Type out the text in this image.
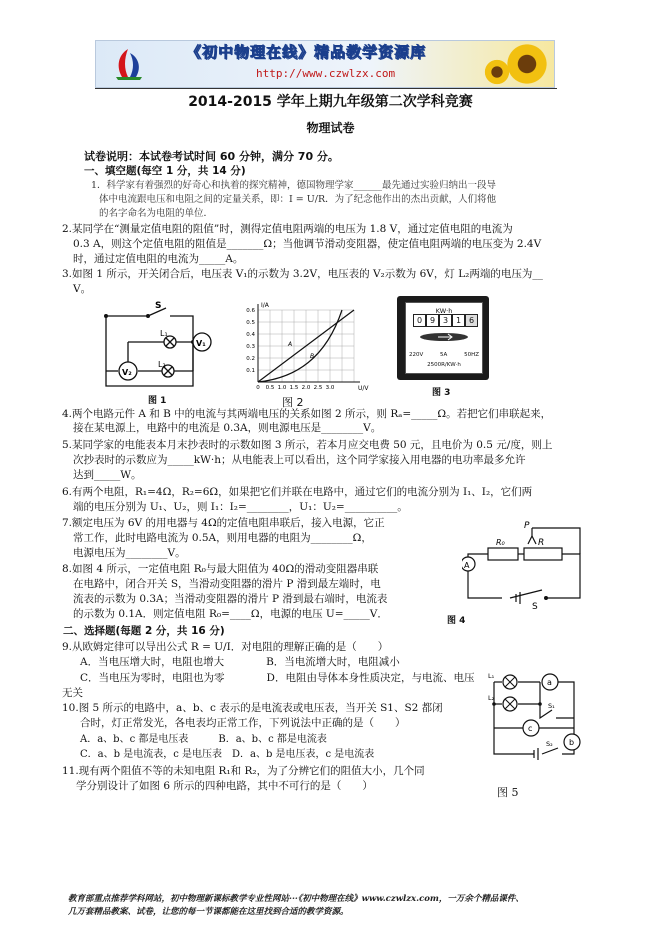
《初中物理在线》精品教学资源库
http://www.czwlzx.com
2014-2015 学年上期九年级第二次学科竞赛
物理试卷
试卷说明：本试卷考试时间 60 分钟，满分 70 分。
一、填空题(每空 1 分，共 14 分)
1．科学家有着强烈的好奇心和执着的探究精神，德国物理学家______最先通过实验归纳出一段导
体中电流跟电压和电阻之间的定量关系，即：I = U/R．为了纪念他作出的杰出贡献，人们将他
的名字命名为电阻的单位．
2.某同学在“测量定值电阻的阻值”时，测得定值电阻两端的电压为 1.8 V，通过定值电阻的电流为
0.3 A，则这个定值电阻的阻值是_______Ω；当他调节滑动变阻器，使定值电阻两端的电压变为 2.4V
时，通过定值电阻的电流为_____A。
3.如图 1 所示，开关闭合后，电压表 V₁的示数为 3.2V，电压表的 V₂示数为 6V，灯 L₂两端的电压为__
V。
S
L₁
L₂
V₁
V₂
图 1
I/A
U/V
0.6
0.5
0.4
0.3
0.2
0.1
0 0.5 1.0 1.5 2.0 2.5 3.0
A
B
图 2
KW·h
0 9 3 1 6
220V	5A	50HZ
2500R/KW·h
图 3
4.两个电路元件 A 和 B 中的电流与其两端电压的关系如图 2 所示，则 Rₐ=_____Ω。若把它们串联起来，
接在某电源上，电路中的电流是 0.3A，则电源电压是________V。
5.某同学家的电能表本月末抄表时的示数如图 3 所示，若本月应交电费 50 元，且电价为 0.5 元/度，则上
次抄表时的示数应为_____kW·h；从电能表上可以看出，这个同学家接入用电器的电功率最多允许
达到_____W。
6.有两个电阻，R₁=4Ω，R₂=6Ω，如果把它们并联在电路中，通过它们的电流分别为 I₁、I₂，它们两
端的电压分别为 U₁、U₂，则 I₁：I₂=________，U₁：U₂=__________。
7.额定电压为 6V 的用电器与 4Ω的定值电阻串联后，接入电源，它正
常工作，此时电路电流为 0.5A，则用电器的电阻为________Ω，
电源电压为________V。
8.如图 4 所示，一定值电阻 R₀与最大阻值为 40Ω的滑动变阻器串联
在电路中，闭合开关 S，当滑动变阻器的滑片 P 滑到最左端时，电
流表的示数为 0.3A；当滑动变阻器的滑片 P 滑到最右端时，电流表
的示数为 0.1A．则定值电阻 R₀=____Ω，电源的电压 U=_____V．
P
R₀	R
A
S
图 4
二、选择题(每题 2 分，共 16 分)
9.从欧姆定律可以导出公式 R = U/I．对电阻的理解正确的是（　　）
A．当电压增大时，电阻也增大　　　　B．当电流增大时，电阻减小
C．当电压为零时，电阻也为零　　　　D．电阻由导体本身性质决定，与电流、电压
无关
10.图 5 所示的电路中，a、b、c 表示的是电流表或电压表，当开关 S1、S2 都闭
合时，灯正常发光，各电表均正常工作，下列说法中正确的是（　　）
A．a、b、c 都是电压表　　　B．a、b、c 都是电流表
C．a、b 是电流表，c 是电压表　D．a、b 是电压表，c 是电流表
11.现有两个阻值不等的未知电阻 R₁和 R₂，为了分辨它们的阻值大小，几个同
学分别设计了如图 6 所示的四种电路，其中不可行的是（　　）
L₁
L₂
a
c
b
S₁
S₂
图 5
教育部重点推荐学科网站，初中物理新课标教学专业性网站···《初中物理在线》www.czwlzx.com，一万余个精品课件、
几万套精品教案、试卷，让您的每一节课都能在这里找到合适的教学资源。
